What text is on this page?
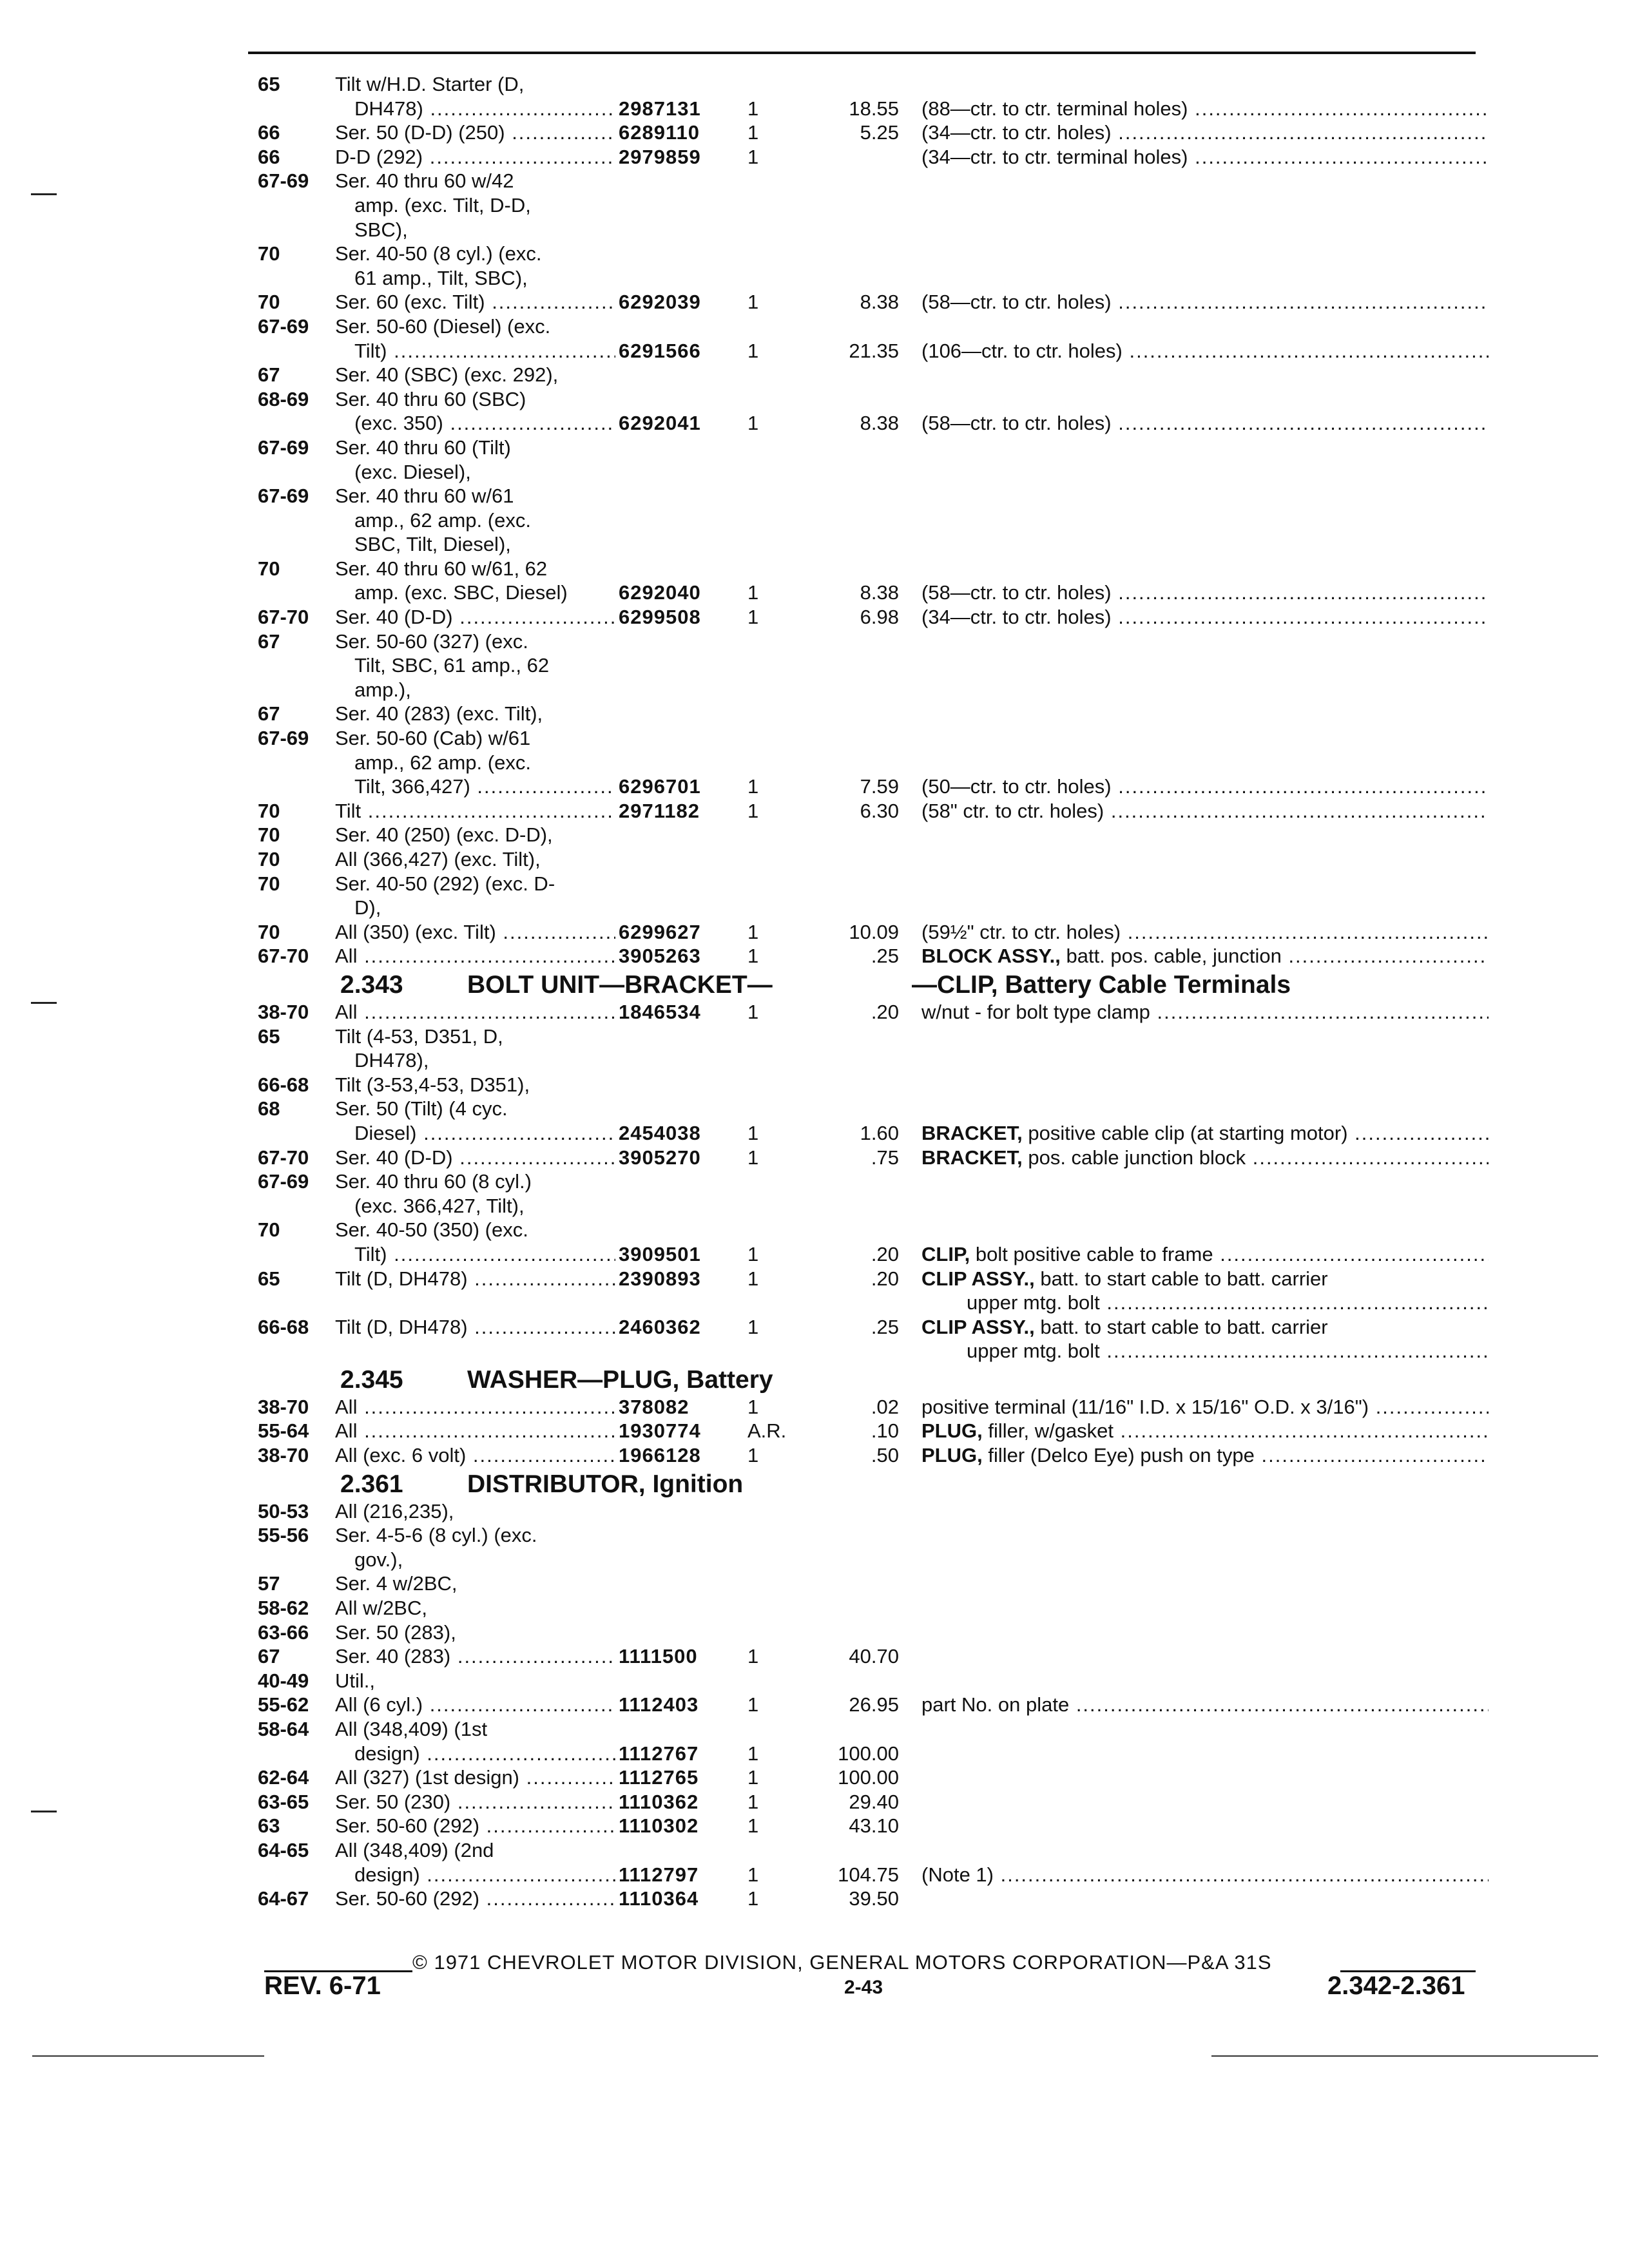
65	Tilt w/H.D. Starter (D,
DH478) .....	2987131	1	18.55 (88—ctr. to ctr. terminal holes) .....
66	Ser. 50 (D-D) (250) .....	6289110	1	5.25 (34—ctr. to ctr. holes) .....
66	D-D (292) .....	2979859	1	(34—ctr. to ctr. terminal holes) .....
67-69	Ser. 40 thru 60 w/42
amp. (exc. Tilt, D-D,
SBC),
70	Ser. 40-50 (8 cyl.) (exc.
61 amp., Tilt, SBC),
70	Ser. 60 (exc. Tilt) .....	6292039	1	8.38 (58—ctr. to ctr. holes) .....
67-69	Ser. 50-60 (Diesel) (exc.
Tilt) .....	6291566	1	21.35 (106—ctr. to ctr. holes) .....
67	Ser. 40 (SBC) (exc. 292),
68-69	Ser. 40 thru 60 (SBC)
(exc. 350) .....	6292041	1	8.38 (58—ctr. to ctr. holes) .....
67-69	Ser. 40 thru 60 (Tilt)
(exc. Diesel),
67-69	Ser. 40 thru 60 w/61
amp., 62 amp. (exc.
SBC, Tilt, Diesel),
70	Ser. 40 thru 60 w/61, 62
amp. (exc. SBC, Diesel)	6292040	1	8.38 (58—ctr. to ctr. holes) .....
67-70	Ser. 40 (D-D) .....	6299508	1	6.98 (34—ctr. to ctr. holes) .....
67	Ser. 50-60 (327) (exc.
Tilt, SBC, 61 amp., 62
amp.),
67	Ser. 40 (283) (exc. Tilt),
67-69	Ser. 50-60 (Cab) w/61
amp., 62 amp. (exc.
Tilt, 366,427) .....	6296701	1	7.59 (50—ctr. to ctr. holes) .....
70	Tilt .....	2971182	1	6.30 (58" ctr. to ctr. holes) .....
70	Ser. 40 (250) (exc. D-D),
70	All (366,427) (exc. Tilt),
70	Ser. 40-50 (292) (exc. D-
D),
70	All (350) (exc. Tilt) .....	6299627	1	10.09 (59½" ctr. to ctr. holes) .....
67-70	All .....	3905263	1	.25 BLOCK ASSY., batt. pos. cable, junction .....
2.343	BOLT UNIT—BRACKET—	—CLIP, Battery Cable Terminals
38-70	All .....	1846534	1	.20 w/nut - for bolt type clamp .....
65	Tilt (4-53, D351, D,
DH478),
66-68	Tilt (3-53,4-53, D351),
68	Ser. 50 (Tilt) (4 cyc.
Diesel) .....	2454038	1	1.60 BRACKET, positive cable clip (at starting motor) .....
67-70	Ser. 40 (D-D) .....	3905270	1	.75 BRACKET, pos. cable junction block .....
67-69	Ser. 40 thru 60 (8 cyl.)
(exc. 366,427, Tilt),
70	Ser. 40-50 (350) (exc.
Tilt) .....	3909501	1	.20 CLIP, bolt positive cable to frame .....
65	Tilt (D, DH478) .....	2390893	1	.20 CLIP ASSY., batt. to start cable to batt. carrier
upper mtg. bolt .....
66-68	Tilt (D, DH478) .....	2460362	1	.25 CLIP ASSY., batt. to start cable to batt. carrier
upper mtg. bolt .....
2.345	WASHER—PLUG, Battery
38-70	All .....	378082	1	.02 positive terminal (11/16" I.D. x 15/16" O.D. x 3/16") .....
55-64	All .....	1930774	A.R.	.10 PLUG, filler, w/gasket .....
38-70	All (exc. 6 volt) .....	1966128	1	.50 PLUG, filler (Delco Eye) push on type .....
2.361	DISTRIBUTOR, Ignition
50-53	All (216,235),
55-56	Ser. 4-5-6 (8 cyl.) (exc.
gov.),
57	Ser. 4 w/2BC,
58-62	All w/2BC,
63-66	Ser. 50 (283),
67	Ser. 40 (283) .....	1111500	1	40.70
40-49	Util.,
55-62	All (6 cyl.) .....	1112403	1	26.95 part No. on plate .....
58-64	All (348,409) (1st
design) .....	1112767	1	100.00
62-64	All (327) (1st design) .....	1112765	1	100.00
63-65	Ser. 50 (230) .....	1110362	1	29.40
63	Ser. 50-60 (292) .....	1110302	1	43.10
64-65	All (348,409) (2nd
design) .....	1112797	1	104.75 (Note 1) .....
64-67	Ser. 50-60 (292) .....	1110364	1	39.50
© 1971 CHEVROLET MOTOR DIVISION, GENERAL MOTORS CORPORATION—P&A 31S
REV. 6-71	2-43	2.342-2.361
